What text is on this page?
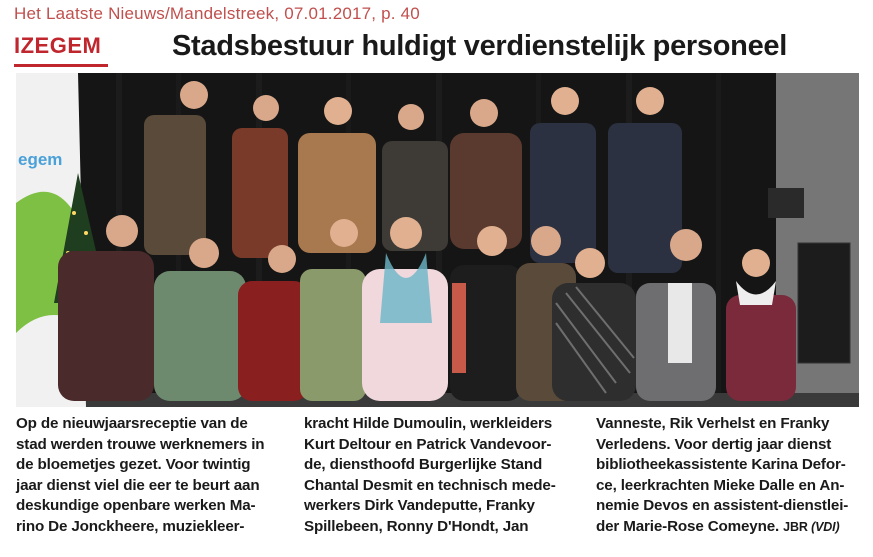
Het Laatste Nieuws/Mandelstreek, 07.01.2017, p. 40
IZEGEM Stadsbestuur huldigt verdienstelijk personeel
egem
Op de nieuwjaarsreceptie van de
stad werden trouwe werknemers in
de bloemetjes gezet. Voor twintig
jaar dienst viel die eer te beurt aan
deskundige openbare werken Ma-
rino De Jonckheere, muziekleer-
kracht Hilde Dumoulin, werkleiders
Kurt Deltour en Patrick Vandevoor-
de, diensthoofd Burgerlijke Stand
Chantal Desmit en technisch mede-
werkers Dirk Vandeputte, Franky
Spillebeen, Ronny D'Hondt, Jan
Vanneste, Rik Verhelst en Franky
Verledens. Voor dertig jaar dienst
bibliotheekassistente Karina Defor-
ce, leerkrachten Mieke Dalle en An-
nemie Devos en assistent-dienstlei-
der Marie-Rose Comeyne. JBR (VDI)
